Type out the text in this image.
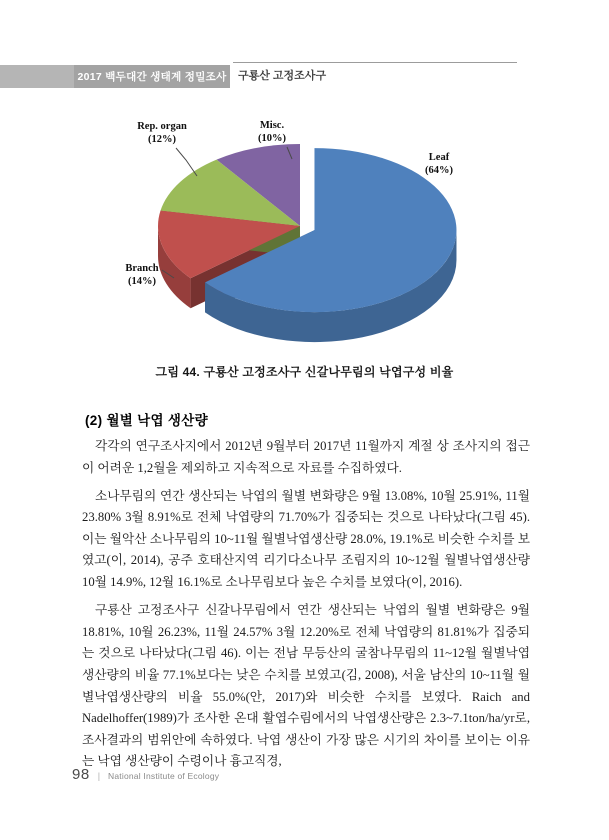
2017 백두대간 생태계 정밀조사 구룡산 고정조사구
Leaf
(64%)
Branch
(14%)
Rep. organ
(12%)
Misc.
(10%)
그림 44. 구룡산 고정조사구 신갈나무림의 낙엽구성 비율
(2) 월별 낙엽 생산량

각각의 연구조사지에서 2012년 9월부터 2017년 11월까지 계절 상 조사지의 접근이 어려운 1,2월을 제외하고 지속적으로 자료를 수집하였다.

소나무림의 연간 생산되는 낙엽의 월별 변화량은 9월 13.08%, 10월 25.91%, 11월 23.80% 3월 8.91%로 전체 낙엽량의 71.70%가 집중되는 것으로 나타났다(그림 45). 이는 월악산 소나무림의 10~11월 월별낙엽생산량 28.0%, 19.1%로 비슷한 수치를 보였고(이, 2014), 공주 호태산지역 리기다소나무 조림지의 10~12월 월별낙엽생산량 10월 14.9%, 12월 16.1%로 소나무림보다 높은 수치를 보였다(이, 2016).

구룡산 고정조사구 신갈나무림에서 연간 생산되는 낙엽의 월별 변화량은 9월 18.81%, 10월 26.23%, 11월 24.57% 3월 12.20%로 전체 낙엽량의 81.81%가 집중되는 것으로 나타났다(그림 46). 이는 전남 무등산의 굴참나무림의 11~12월 월별낙엽생산량의 비율 77.1%보다는 낮은 수치를 보였고(김, 2008), 서울 남산의 10~11월 월별낙엽생산량의 비율 55.0%(안, 2017)와 비슷한 수치를 보였다. Raich and Nadelhoffer(1989)가 조사한 온대 활엽수림에서의 낙엽생산량은 2.3~7.1ton/ha/yr로, 조사결과의 범위안에 속하였다. 낙엽 생산이 가장 많은 시기의 차이를 보이는 이유는 낙엽 생산량이 수령이나 흉고직경,

98 | National Institute of Ecology
